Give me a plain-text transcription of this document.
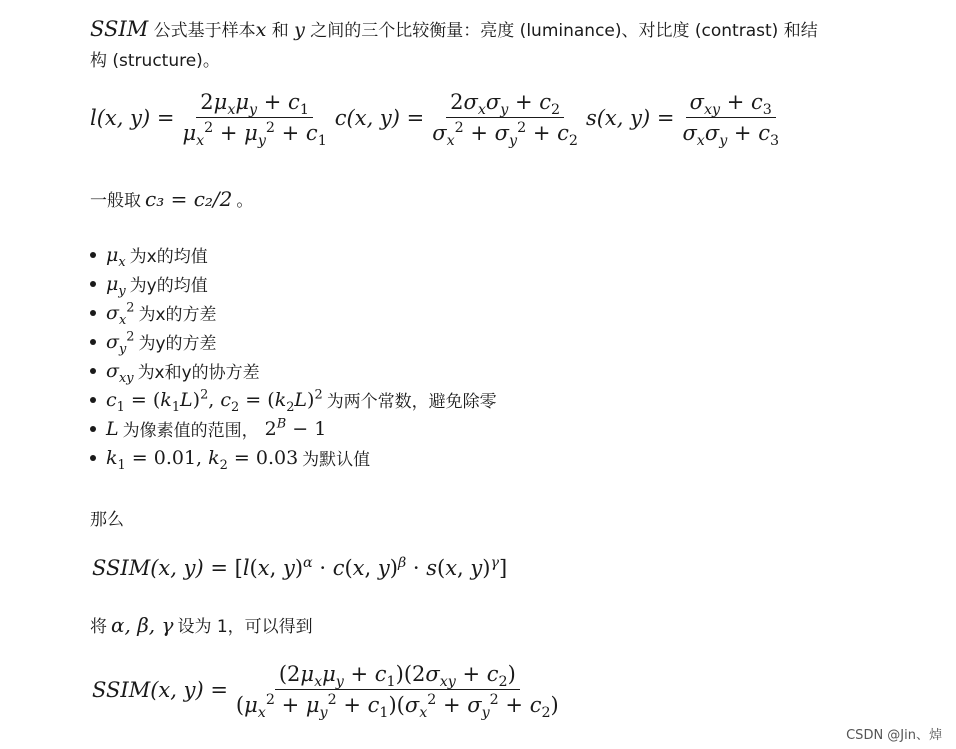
SSIM 公式基于样本x 和 y 之间的三个比较衡量：亮度 (luminance)、对比度 (contrast) 和结
构 (structure)。
l(x, $y) = \frac{2\mu_x\mu_y + c_1}{\mu_x^2 + \mu_y^2 + c_1} c(x$, $y) = \frac{2\sigma_x\sigma_y + c_2}{\sigma_x^2 + \sigma_y^2 + c_2} s(x$, $y) = \frac{\sigma_{xy} + c_3}{\sigma_x\sigma_y + c_3}$
一般取 c₃ = c₂/2 。
$\mu_x$ 为x的均值
$\mu_y$ 为y的均值
$\sigma_x^2$ 为x的方差
$\sigma_y^2$ 为y的方差
$\sigma_{xy}$ 为x和y的协方差
$c_1 = (k_1L)^2$, $c_2 = (k_2L)^2$ 为两个常数，避免除零
L 为像素值的范围， $2^B - 1$
$k_1 = 0.01$, $k_2 = 0.03$ 为默认值
那么
SSIM(x, y) = [l(x, y)$^\alpha$ · c(x, y)$^\beta$ · s(x, y)$^\gamma$]
将 α, β, γ 设为 1，可以得到
SSIM(x, $y) = \frac{(2\mu_x\mu_y + c_1)(2\sigma_{xy} + c_2)}{(\mu_x^2 + \mu_y^2 + c_1)(\sigma_x^2 + \sigma_y^2 + c_2)}$
CSDN @Jin、焯
